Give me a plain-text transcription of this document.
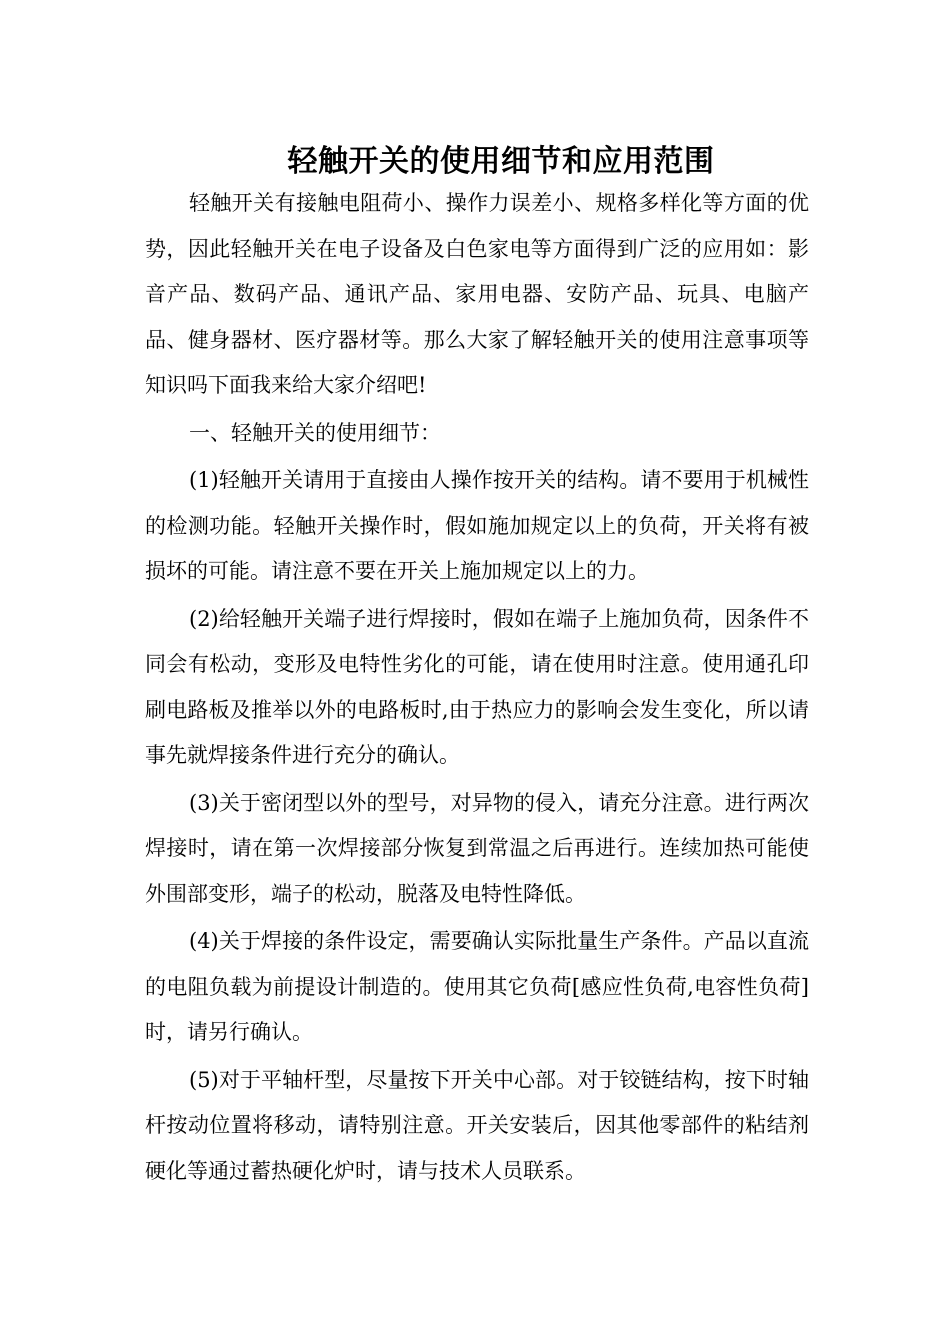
轻触开关的使用细节和应用范围

轻触开关有接触电阻荷小、操作力误差小、规格多样化等方面的优势，因此轻触开关在电子设备及白色家电等方面得到广泛的应用如：影音产品、数码产品、通讯产品、家用电器、安防产品、玩具、电脑产品、健身器材、医疗器材等。那么大家了解轻触开关的使用注意事项等知识吗下面我来给大家介绍吧!

一、轻触开关的使用细节：

(1)轻触开关请用于直接由人操作按开关的结构。请不要用于机械性的检测功能。轻触开关操作时，假如施加规定以上的负荷，开关将有被损坏的可能。请注意不要在开关上施加规定以上的力。

(2)给轻触开关端子进行焊接时，假如在端子上施加负荷，因条件不同会有松动，变形及电特性劣化的可能，请在使用时注意。使用通孔印刷电路板及推举以外的电路板时,由于热应力的影响会发生变化，所以请事先就焊接条件进行充分的确认。

(3)关于密闭型以外的型号，对异物的侵入，请充分注意。进行两次焊接时，请在第一次焊接部分恢复到常温之后再进行。连续加热可能使外围部变形，端子的松动，脱落及电特性降低。

(4)关于焊接的条件设定，需要确认实际批量生产条件。产品以直流的电阻负载为前提设计制造的。使用其它负荷[感应性负荷,电容性负荷]时，请另行确认。

(5)对于平轴杆型，尽量按下开关中心部。对于铰链结构，按下时轴杆按动位置将移动，请特别注意。开关安装后，因其他零部件的粘结剂硬化等通过蓄热硬化炉时，请与技术人员联系。
